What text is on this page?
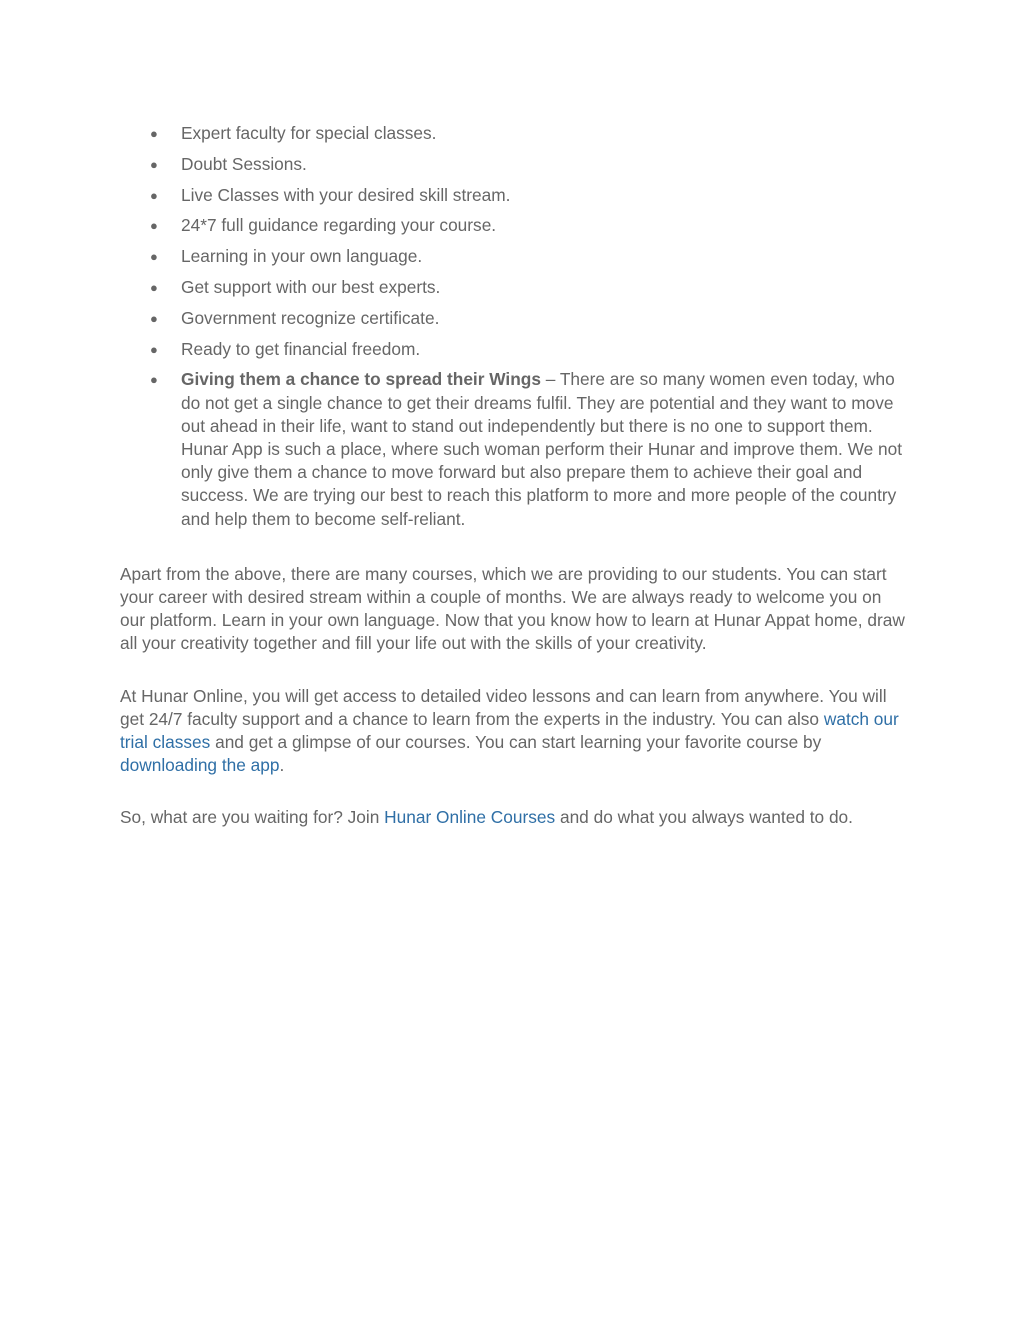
● Expert faculty for special classes.
● Doubt Sessions.
● Live Classes with your desired skill stream.
● 24*7 full guidance regarding your course.
● Learning in your own language.
● Get support with our best experts.
● Government recognize certificate.
● Ready to get financial freedom.
● Giving them a chance to spread their Wings – There are so many women even today, who do not get a single chance to get their dreams fulfil. They are potential and they want to move out ahead in their life, want to stand out independently but there is no one to support them. Hunar App is such a place, where such woman perform their Hunar and improve them. We not only give them a chance to move forward but also prepare them to achieve their goal and success. We are trying our best to reach this platform to more and more people of the country and help them to become self-reliant.

Apart from the above, there are many courses, which we are providing to our students. You can start your career with desired stream within a couple of months. We are always ready to welcome you on our platform. Learn in your own language. Now that you know how to learn at Hunar Appat home, draw all your creativity together and fill your life out with the skills of your creativity.

At Hunar Online, you will get access to detailed video lessons and can learn from anywhere. You will get 24/7 faculty support and a chance to learn from the experts in the industry. You can also watch our trial classes and get a glimpse of our courses. You can start learning your favorite course by downloading the app.

So, what are you waiting for? Join Hunar Online Courses and do what you always wanted to do.
